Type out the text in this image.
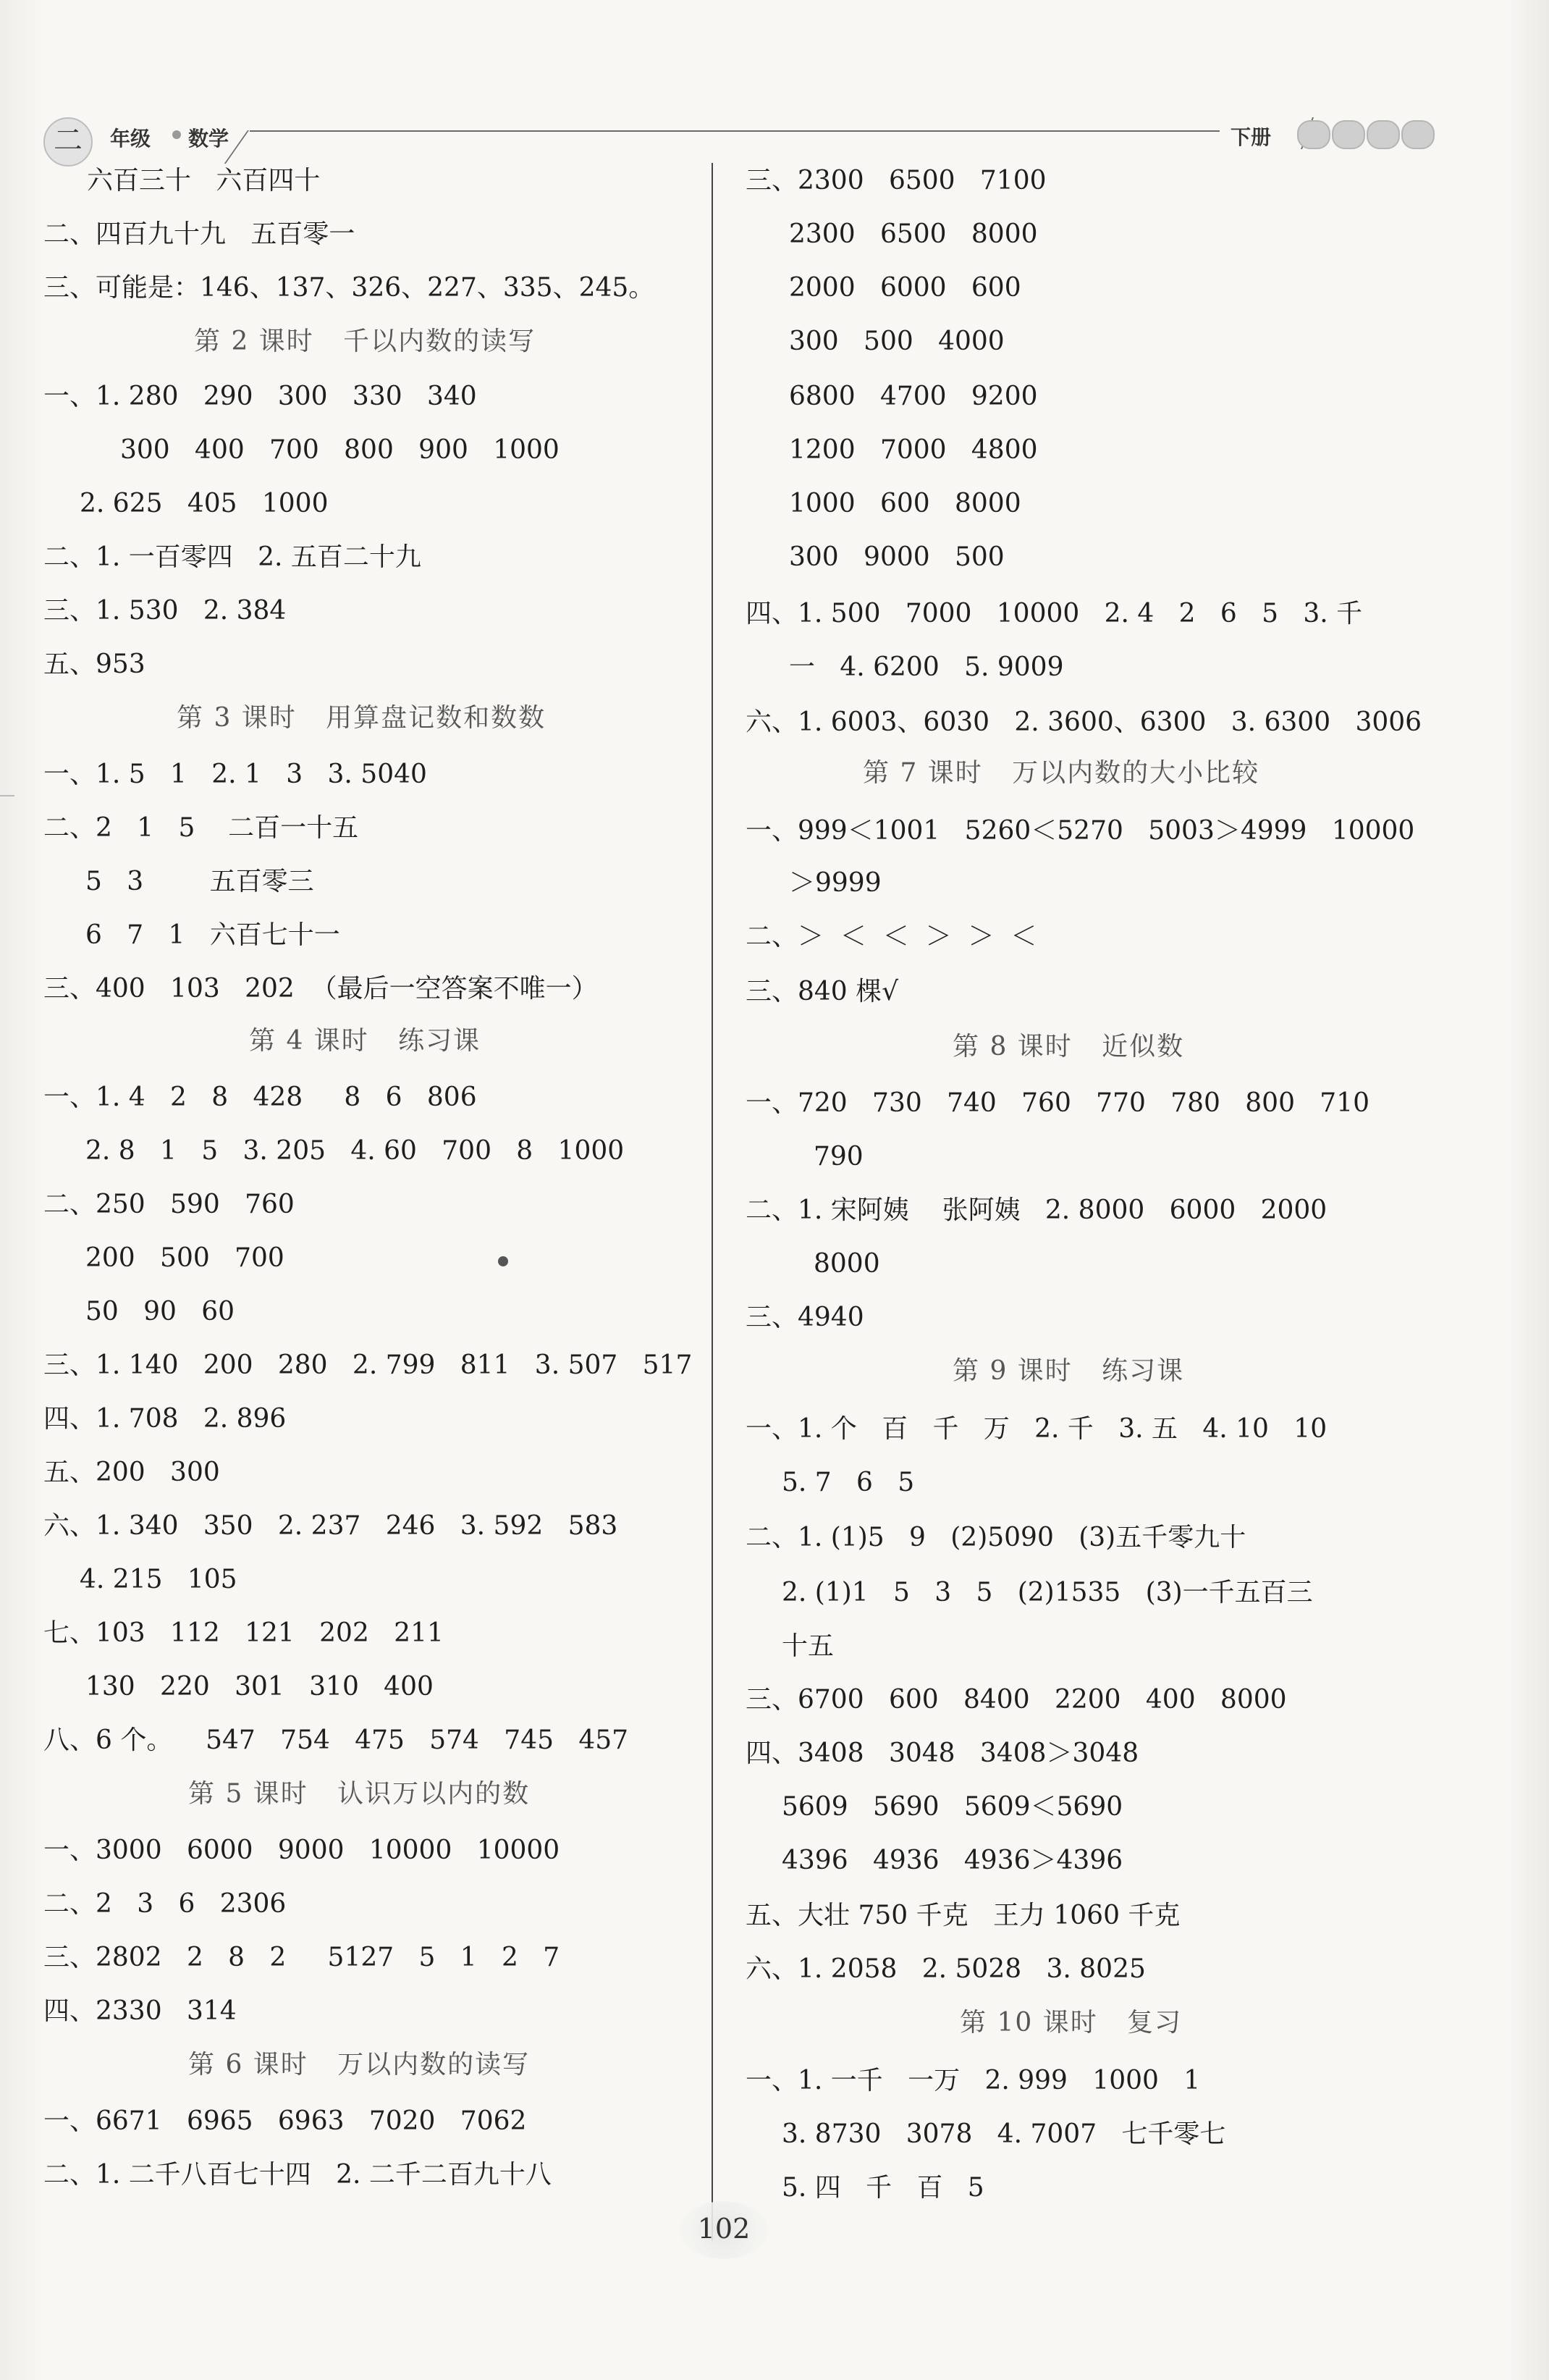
二	年级 数学	下册
六百三十   六百四十
二、四百九十九   五百零一
三、可能是：146、137、326、227、335、245。
第 2 课时   千以内数的读写
一、1. 280   290   300   330   340
300   400   700   800   900   1000
2. 625   405   1000
二、1. 一百零四   2. 五百二十九
三、1. 530   2. 384
五、953
第 3 课时   用算盘记数和数数
一、1. 5   1   2. 1   3   3. 5040
二、2   1   5    二百一十五
5   3        五百零三
6   7   1   六百七十一
三、400   103   202  （最后一空答案不唯一）
第 4 课时   练习课
一、1. 4   2   8   428     8   6   806
2. 8   1   5   3. 205   4. 60   700   8   1000
二、250   590   760
200   500   700
50   90   60
三、1. 140   200   280   2. 799   811   3. 507   517
四、1. 708   2. 896
五、200   300
六、1. 340   350   2. 237   246   3. 592   583
4. 215   105
七、103   112   121   202   211
130   220   301   310   400
八、6 个。    547   754   475   574   745   457
第 5 课时   认识万以内的数
一、3000   6000   9000   10000   10000
二、2   3   6   2306
三、2802   2   8   2     5127   5   1   2   7
四、2330   314
第 6 课时   万以内数的读写
一、6671   6965   6963   7020   7062
二、1. 二千八百七十四   2. 二千二百九十八
三、2300   6500   7100
2300   6500   8000
2000   6000   600
300   500   4000
6800   4700   9200
1200   7000   4800
1000   600   8000
300   9000   500
四、1. 500   7000   10000   2. 4   2   6   5   3. 千
一   4. 6200   5. 9009
六、1. 6003、6030   2. 3600、6300   3. 6300   3006
第 7 课时   万以内数的大小比较
一、999＜1001   5260＜5270   5003＞4999   10000
＞9999
二、＞  ＜  ＜  ＞  ＞  ＜
三、840 棵√
第 8 课时   近似数
一、720   730   740   760   770   780   800   710
790
二、1. 宋阿姨    张阿姨   2. 8000   6000   2000
8000
三、4940
第 9 课时   练习课
一、1. 个   百   千   万   2. 千   3. 五   4. 10   10
5. 7   6   5
二、1. (1)5   9   (2)5090   (3)五千零九十
2. (1)1   5   3   5   (2)1535   (3)一千五百三
十五
三、6700   600   8400   2200   400   8000
四、3408   3048   3408＞3048
5609   5690   5609＜5690
4396   4936   4936＞4396
五、大壮 750 千克   王力 1060 千克
六、1. 2058   2. 5028   3. 8025
第 10 课时   复习
一、1. 一千   一万   2. 999   1000   1
3. 8730   3078   4. 7007   七千零七
5. 四   千   百   5
102
